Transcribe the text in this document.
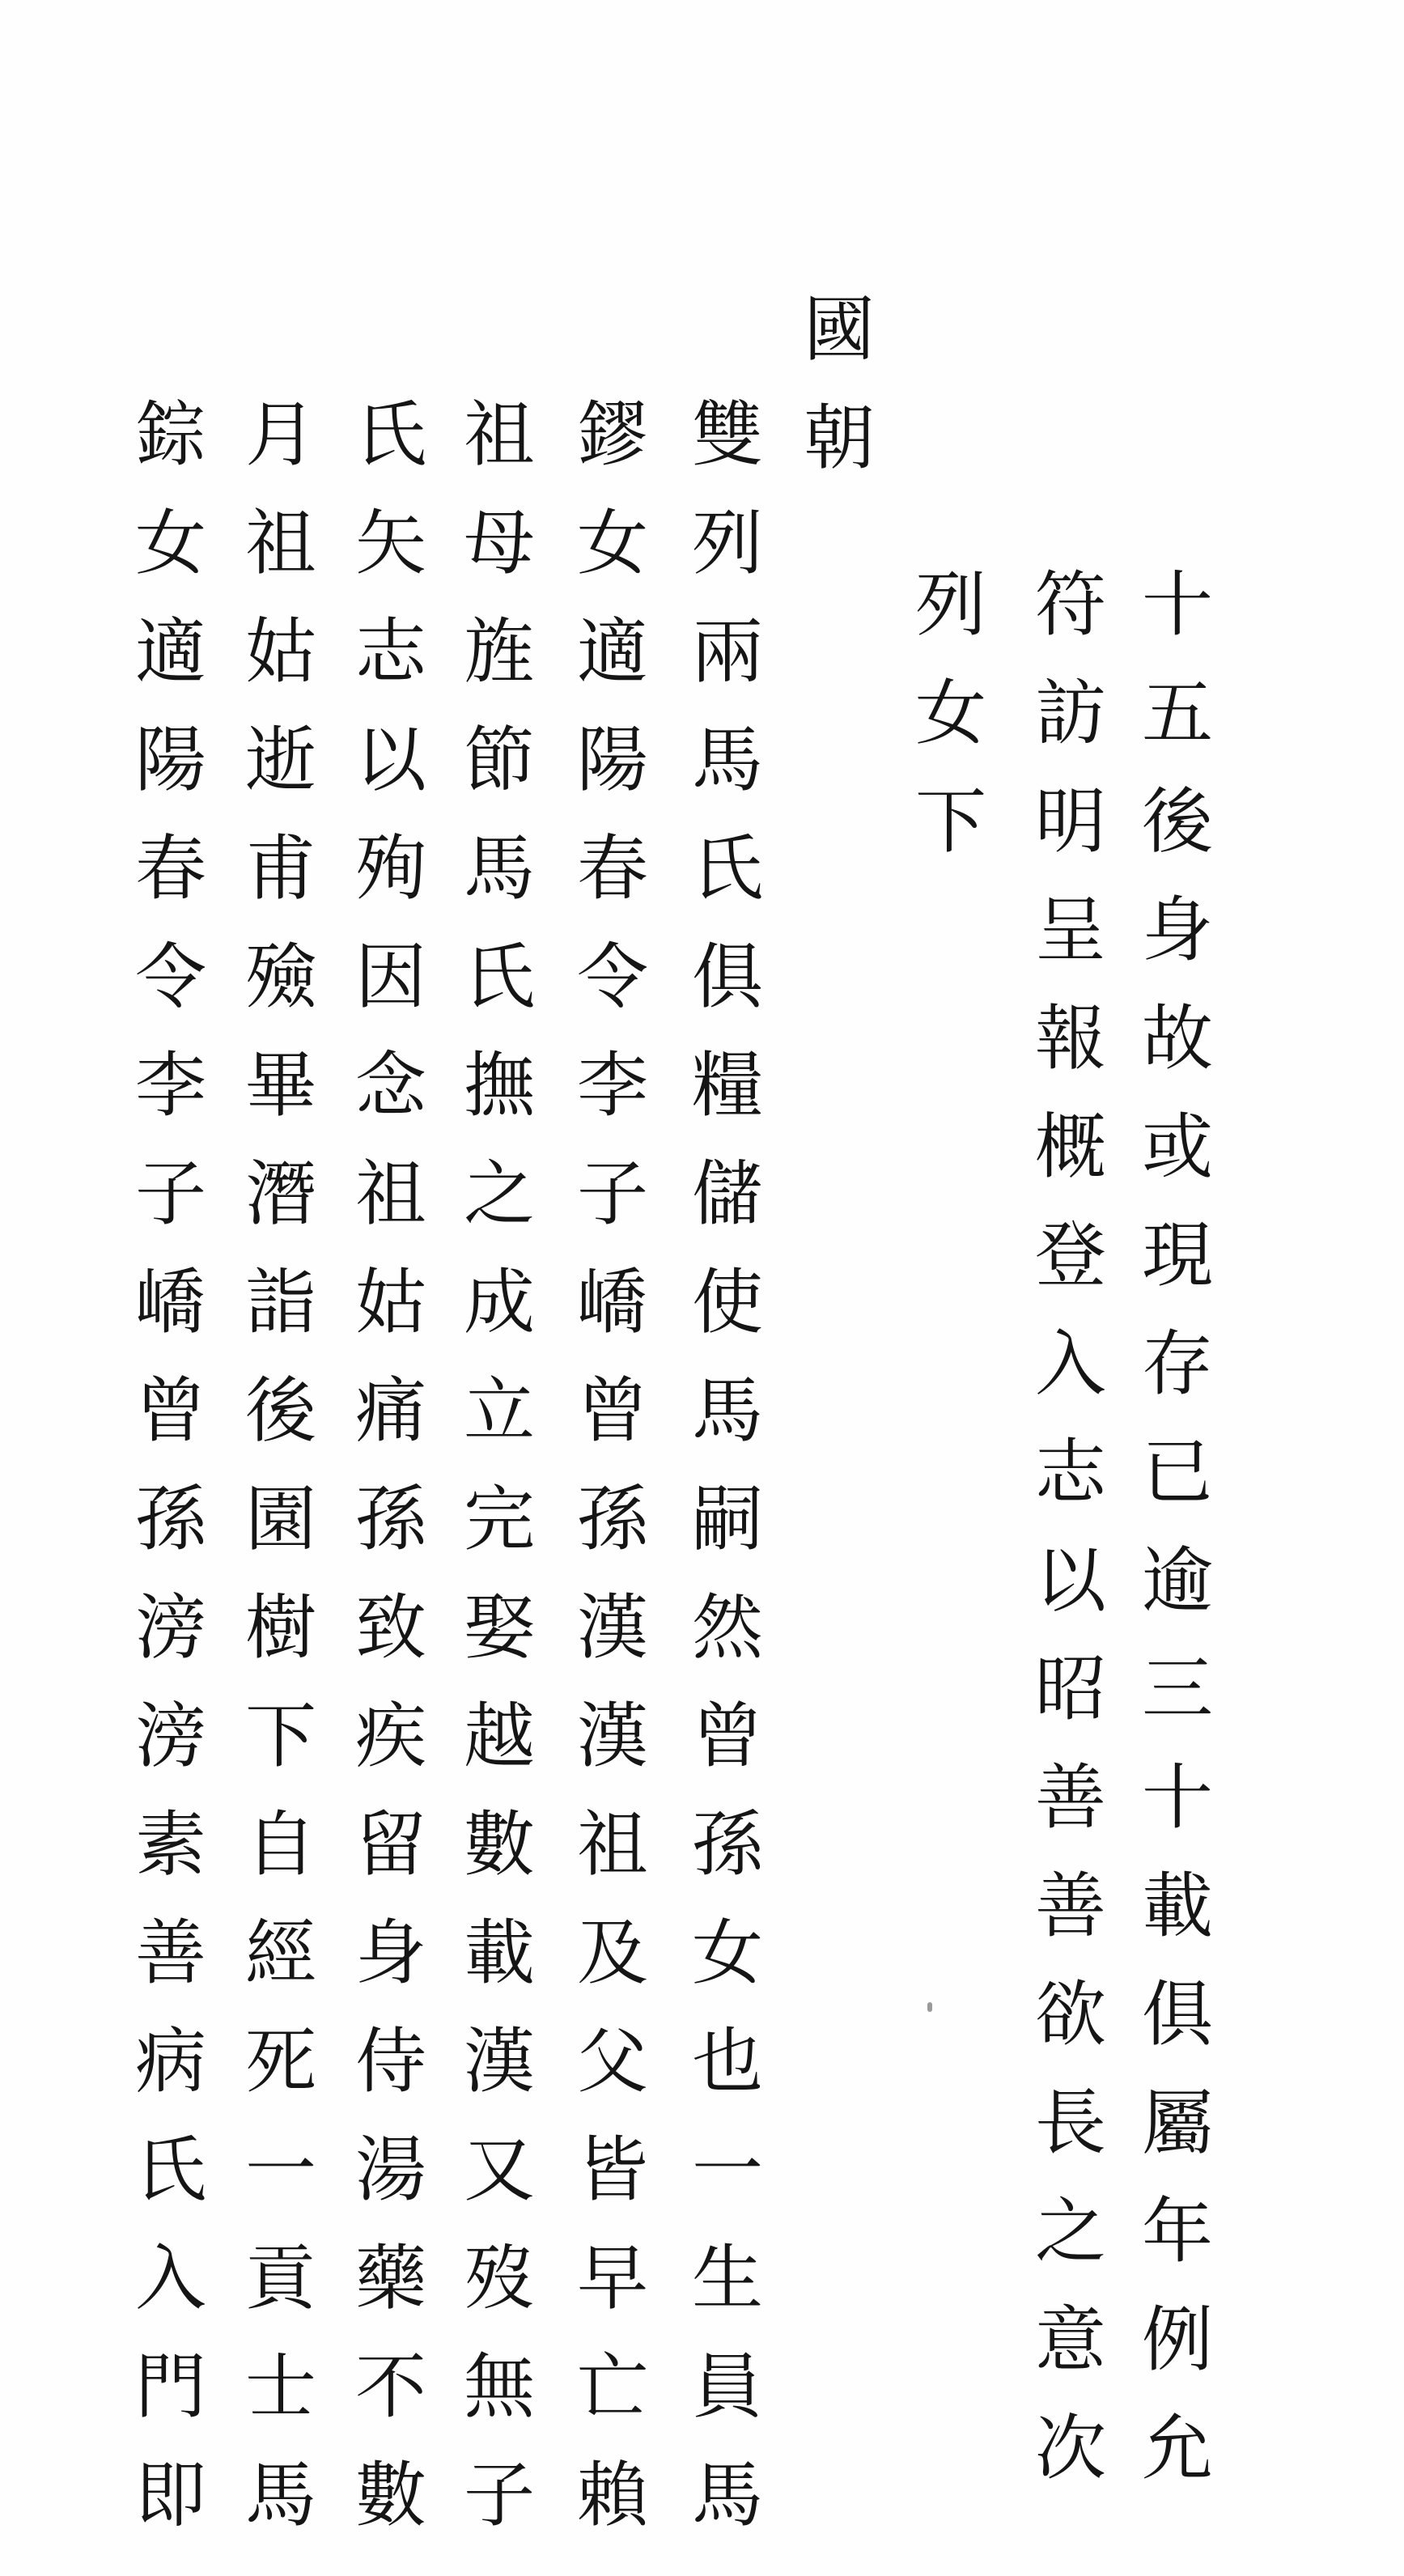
十五後身故或現存已逾三十載俱屬年例允
符訪明呈報概登入志以昭善善欲長之意次
列女下
國朝
雙列兩馬氏俱糧儲使馬嗣然曾孫女也一生員馬
鏐女適陽春令李子嶠曾孫漢漢祖及父皆早亡賴
祖母旌節馬氏撫之成立完娶越數載漢又歿無子
氏矢志以殉因念祖姑痛孫致疾留身侍湯藥不數
月祖姑逝甫殮畢潛詣後園樹下自經死一貢士馬
錝女適陽春令李子嶠曾孫滂滂素善病氏入門即
